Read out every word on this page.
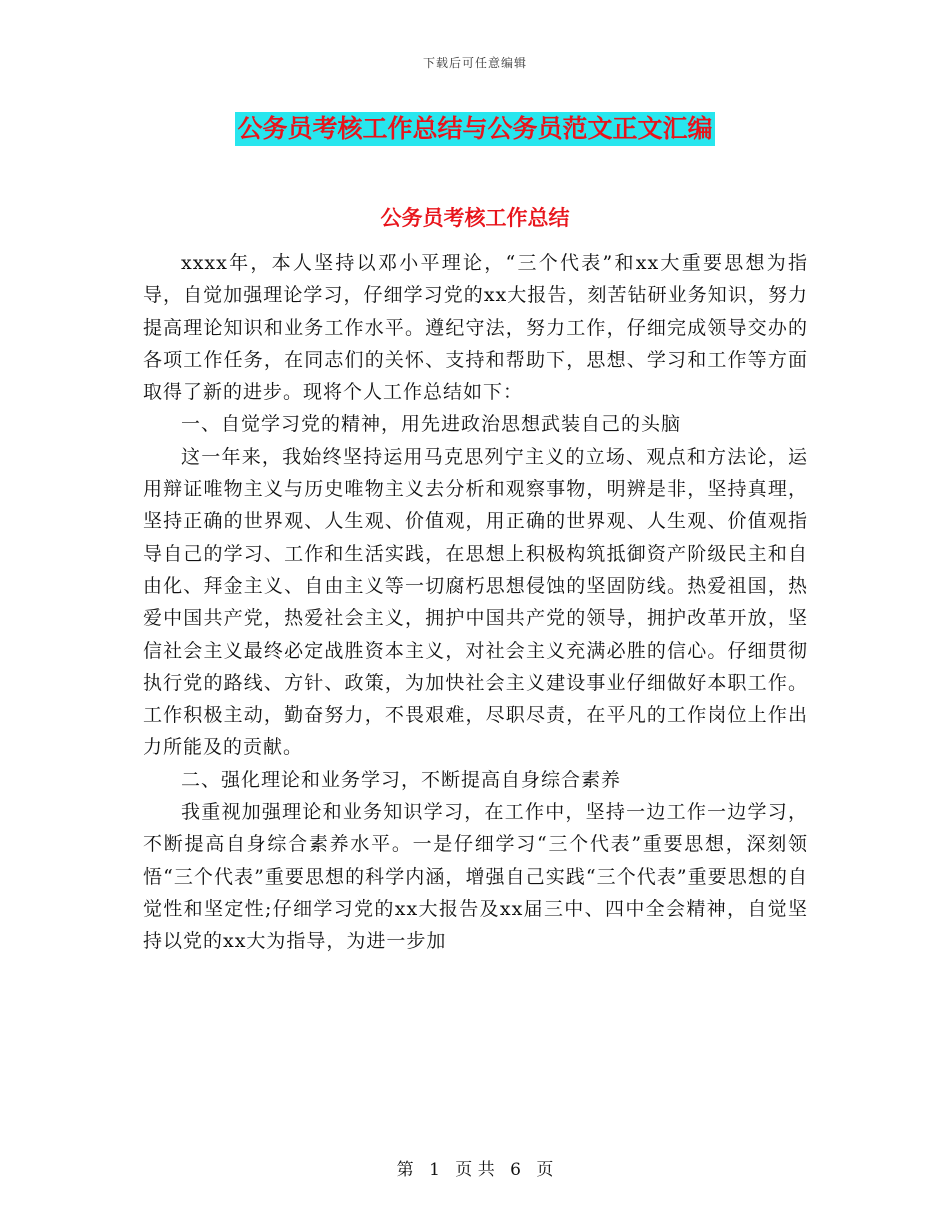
下载后可任意编辑
公务员考核工作总结与公务员范文正文汇编
公务员考核工作总结

xxxx年，本人坚持以邓小平理论，“三个代表”和xx大重要思想为指导，自觉加强理论学习，仔细学习党的xx大报告，刻苦钻研业务知识，努力提高理论知识和业务工作水平。遵纪守法，努力工作，仔细完成领导交办的各项工作任务，在同志们的关怀、支持和帮助下，思想、学习和工作等方面取得了新的进步。现将个人工作总结如下：

一、自觉学习党的精神，用先进政治思想武装自己的头脑

这一年来，我始终坚持运用马克思列宁主义的立场、观点和方法论，运用辩证唯物主义与历史唯物主义去分析和观察事物，明辨是非，坚持真理，坚持正确的世界观、人生观、价值观，用正确的世界观、人生观、价值观指导自己的学习、工作和生活实践，在思想上积极构筑抵御资产阶级民主和自由化、拜金主义、自由主义等一切腐朽思想侵蚀的坚固防线。热爱祖国，热爱中国共产党，热爱社会主义，拥护中国共产党的领导，拥护改革开放，坚信社会主义最终必定战胜资本主义，对社会主义充满必胜的信心。仔细贯彻执行党的路线、方针、政策，为加快社会主义建设事业仔细做好本职工作。工作积极主动，勤奋努力，不畏艰难，尽职尽责，在平凡的工作岗位上作出力所能及的贡献。

二、强化理论和业务学习，不断提高自身综合素养

我重视加强理论和业务知识学习，在工作中，坚持一边工作一边学习，不断提高自身综合素养水平。一是仔细学习“三个代表”重要思想，深刻领悟“三个代表”重要思想的科学内涵，增强自己实践“三个代表”重要思想的自觉性和坚定性;仔细学习党的xx大报告及xx届三中、四中全会精神，自觉坚持以党的xx大为指导，为进一步加

第 1 页 共 6 页
